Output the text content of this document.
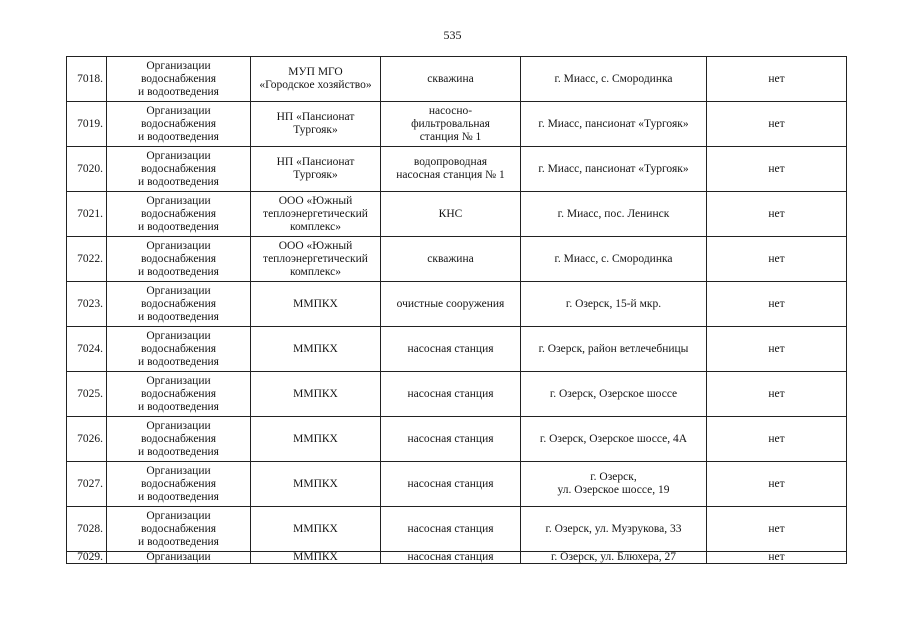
535
7018.	Организации
водоснабжения
и водоотведения	МУП МГО
«Городское хозяйство»	скважина	г. Миасс, с. Смородинка	нет
7019.	Организации
водоснабжения
и водоотведения	НП «Пансионат
Тургояк»	насосно-
фильтровальная
станция № 1	г. Миасс, пансионат «Тургояк»	нет
7020.	Организации
водоснабжения
и водоотведения	НП «Пансионат
Тургояк»	водопроводная
насосная станция № 1	г. Миасс, пансионат «Тургояк»	нет
7021.	Организации
водоснабжения
и водоотведения	ООО «Южный
теплоэнергетический
комплекс»	КНС	г. Миасс, пос. Ленинск	нет
7022.	Организации
водоснабжения
и водоотведения	ООО «Южный
теплоэнергетический
комплекс»	скважина	г. Миасс, с. Смородинка	нет
7023.	Организации
водоснабжения
и водоотведения	ММПКХ	очистные сооружения	г. Озерск, 15-й мкр.	нет
7024.	Организации
водоснабжения
и водоотведения	ММПКХ	насосная станция	г. Озерск, район ветлечебницы	нет
7025.	Организации
водоснабжения
и водоотведения	ММПКХ	насосная станция	г. Озерск, Озерское шоссе	нет
7026.	Организации
водоснабжения
и водоотведения	ММПКХ	насосная станция	г. Озерск, Озерское шоссе, 4А	нет
7027.	Организации
водоснабжения
и водоотведения	ММПКХ	насосная станция	г. Озерск,
ул. Озерское шоссе, 19	нет
7028.	Организации
водоснабжения
и водоотведения	ММПКХ	насосная станция	г. Озерск, ул. Музрукова, 33	нет
7029.	Организации	ММПКХ	насосная станция	г. Озерск, ул. Блюхера, 27	нет
